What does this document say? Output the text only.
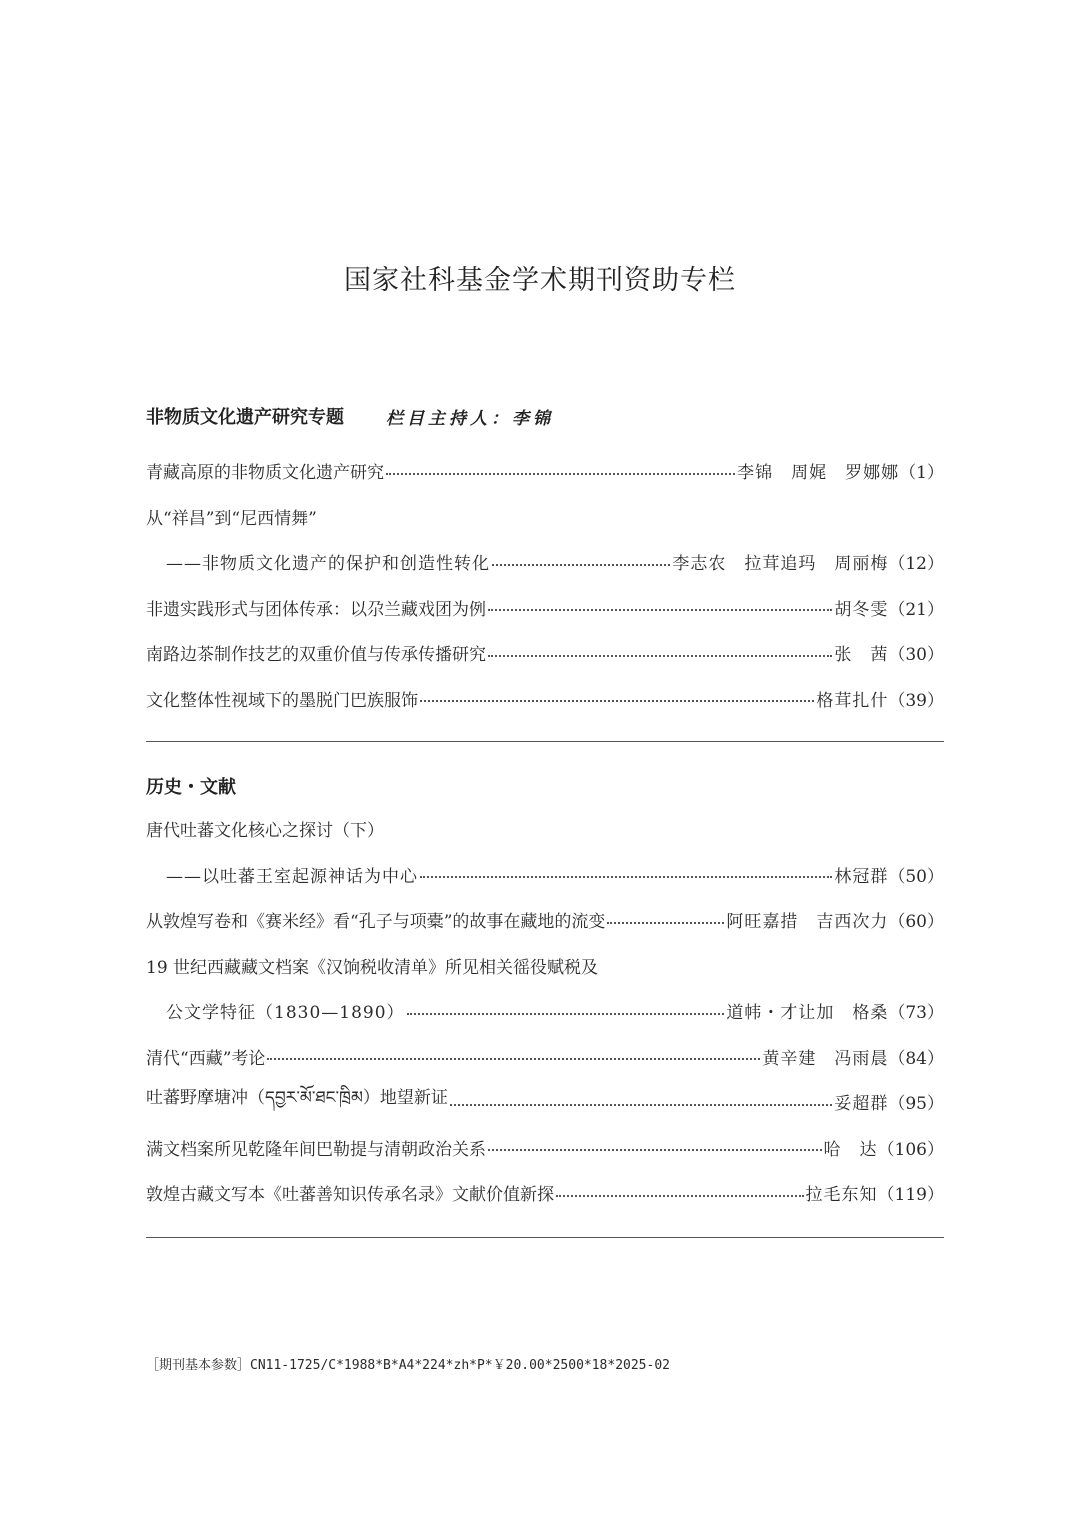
国家社科基金学术期刊资助专栏
非物质文化遗产研究专题 栏目主持人：李锦
青藏高原的非物质文化遗产研究	李锦　周娓　罗娜娜 （1）
从“祥昌”到“尼西情舞”
——非物质文化遗产的保护和创造性转化	李志农　拉茸追玛　周丽梅 （12）
非遗实践形式与团体传承：以尕兰藏戏团为例	胡冬雯 （21）
南路边茶制作技艺的双重价值与传承传播研究	张　茜 （30）
文化整体性视域下的墨脱门巴族服饰	格茸扎什 （39）
历史・文献
唐代吐蕃文化核心之探讨（下）
——以吐蕃王室起源神话为中心	林冠群 （50）
从敦煌写卷和《赛米经》看“孔子与项橐”的故事在藏地的流变	阿旺嘉措　吉西次力 （60）
19 世纪西藏藏文档案《汉饷税收清单》所见相关徭役赋税及
公文学特征（1830—1890）	道帏・才让加　格桑 （73）
清代“西藏”考论	黄辛建　冯雨晨 （84）
吐蕃野摩塘冲（དབྱར་མོ་ཐང་ཁྲིམ）地望新证	妥超群 （95）
满文档案所见乾隆年间巴勒提与清朝政治关系	哈　达 （106）
敦煌古藏文写本《吐蕃善知识传承名录》文献价值新探	拉毛东知 （119）
［期刊基本参数］CN11-1725/C*1988*B*A4*224*zh*P*￥20.00*2500*18*2025-02
